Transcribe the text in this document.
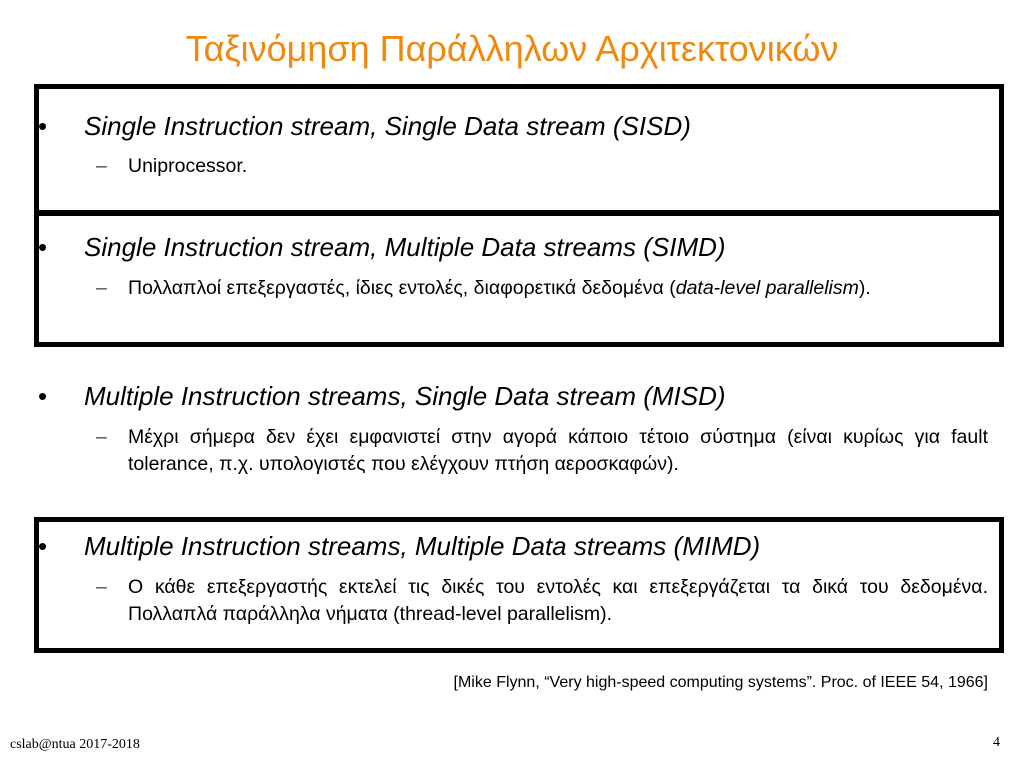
Ταξινόμηση Παράλληλων Αρχιτεκτονικών
• Single Instruction stream, Single Data stream (SISD)
– Uniprocessor.
• Single Instruction stream, Multiple Data streams (SIMD)
– Πολλαπλοί επεξεργαστές, ίδιες εντολές, διαφορετικά δεδομένα (data-level parallelism).
• Multiple Instruction streams, Single Data stream (MISD)
– Μέχρι σήμερα δεν έχει εμφανιστεί στην αγορά κάποιο τέτοιο σύστημα (είναι κυρίως για fault tolerance, π.χ. υπολογιστές που ελέγχουν πτήση αεροσκαφών).
• Multiple Instruction streams, Multiple Data streams (MIMD)
– Ο κάθε επεξεργαστής εκτελεί τις δικές του εντολές και επεξεργάζεται τα δικά του δεδομένα. Πολλαπλά παράλληλα νήματα (thread-level parallelism).
[Mike Flynn, “Very high-speed computing systems”. Proc. of IEEE 54, 1966]
cslab@ntua 2017-2018	4
